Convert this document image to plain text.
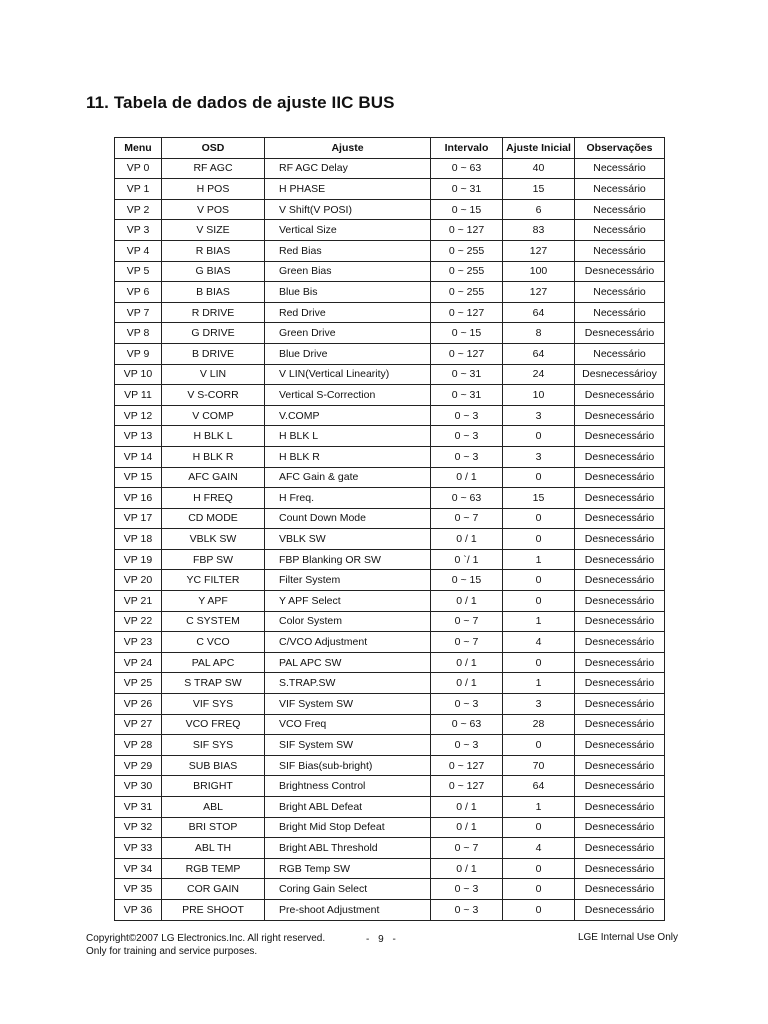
11. Tabela de dados de ajuste IIC BUS
Menu	OSD	Ajuste	Intervalo	Ajuste Inicial	Observações
VP 0	RF AGC	RF AGC Delay	0 ~ 63	40	Necessário
VP 1	H POS	H PHASE	0 ~ 31	15	Necessário
VP 2	V POS	V Shift(V POSI)	0 ~ 15	6	Necessário
VP 3	V SIZE	Vertical Size	0 ~ 127	83	Necessário
VP 4	R BIAS	Red Bias	0 ~ 255	127	Necessário
VP 5	G BIAS	Green Bias	0 ~ 255	100	Desnecessário
VP 6	B BIAS	Blue Bis	0 ~ 255	127	Necessário
VP 7	R DRIVE	Red Drive	0 ~ 127	64	Necessário
VP 8	G DRIVE	Green Drive	0 ~ 15	8	Desnecessário
VP 9	B DRIVE	Blue Drive	0 ~ 127	64	Necessário
VP 10	V LIN	V LIN(Vertical Linearity)	0 ~ 31	24	Desnecessárioy
VP 11	V S-CORR	Vertical S-Correction	0 ~ 31	10	Desnecessário
VP 12	V COMP	V.COMP	0 ~ 3	3	Desnecessário
VP 13	H BLK L	H BLK L	0 ~ 3	0	Desnecessário
VP 14	H BLK R	H BLK R	0 ~ 3	3	Desnecessário
VP 15	AFC GAIN	AFC Gain & gate	0 / 1	0	Desnecessário
VP 16	H FREQ	H Freq.	0 ~ 63	15	Desnecessário
VP 17	CD MODE	Count Down Mode	0 ~ 7	0	Desnecessário
VP 18	VBLK SW	VBLK SW	0 / 1	0	Desnecessário
VP 19	FBP SW	FBP Blanking OR SW	0 `/ 1	1	Desnecessário
VP 20	YC FILTER	Filter System	0 ~ 15	0	Desnecessário
VP 21	Y APF	Y APF Select	0 / 1	0	Desnecessário
VP 22	C SYSTEM	Color System	0 ~ 7	1	Desnecessário
VP 23	C VCO	C/VCO Adjustment	0 ~ 7	4	Desnecessário
VP 24	PAL APC	PAL APC SW	0 / 1	0	Desnecessário
VP 25	S TRAP SW	S.TRAP.SW	0 / 1	1	Desnecessário
VP 26	VIF SYS	VIF System SW	0 ~ 3	3	Desnecessário
VP 27	VCO FREQ	VCO Freq	0 ~ 63	28	Desnecessário
VP 28	SIF SYS	SIF System SW	0 ~ 3	0	Desnecessário
VP 29	SUB BIAS	SIF Bias(sub-bright)	0 ~ 127	70	Desnecessário
VP 30	BRIGHT	Brightness Control	0 ~ 127	64	Desnecessário
VP 31	ABL	Bright ABL Defeat	0 / 1	1	Desnecessário
VP 32	BRI STOP	Bright Mid Stop Defeat	0 / 1	0	Desnecessário
VP 33	ABL TH	Bright ABL Threshold	0 ~ 7	4	Desnecessário
VP 34	RGB TEMP	RGB Temp SW	0 / 1	0	Desnecessário
VP 35	COR GAIN	Coring Gain Select	0 ~ 3	0	Desnecessário
VP 36	PRE SHOOT	Pre-shoot Adjustment	0 ~ 3	0	Desnecessário
Copyright©2007 LG Electronics.Inc. All right reserved.
Only for training and service purposes.
- 9 -	LGE Internal Use Only
